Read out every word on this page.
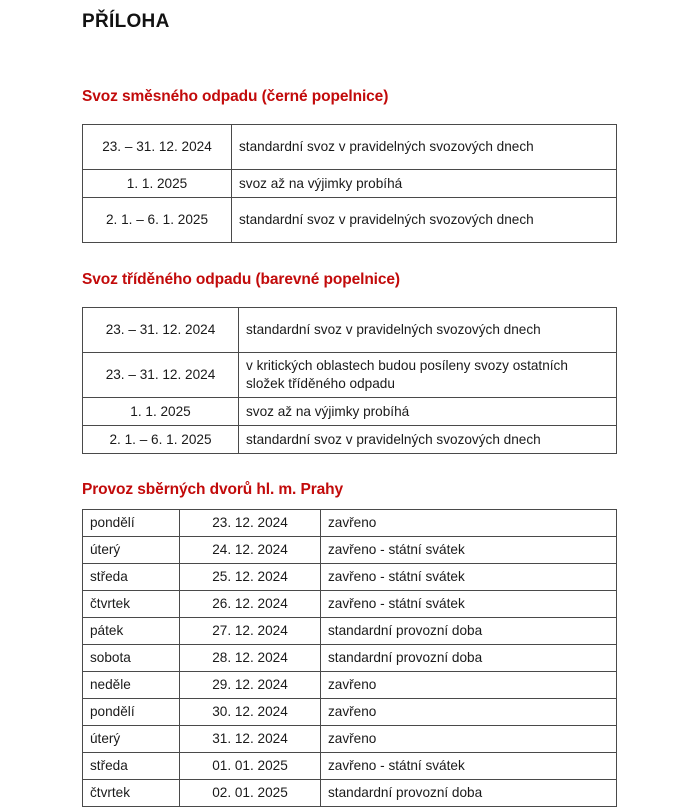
PŘÍLOHA
Svoz směsného odpadu (černé popelnice)
23. – 31. 12. 2024	standardní svoz v pravidelných svozových dnech
1. 1. 2025	svoz až na výjimky probíhá
2. 1. – 6. 1. 2025	standardní svoz v pravidelných svozových dnech
Svoz tříděného odpadu (barevné popelnice)
23. – 31. 12. 2024	standardní svoz v pravidelných svozových dnech
23. – 31. 12. 2024	v kritických oblastech budou posíleny svozy ostatních složek tříděného odpadu
1. 1. 2025	svoz až na výjimky probíhá
2. 1. – 6. 1. 2025	standardní svoz v pravidelných svozových dnech
Provoz sběrných dvorů hl. m. Prahy
pondělí	23. 12. 2024	zavřeno
úterý	24. 12. 2024	zavřeno - státní svátek
středa	25. 12. 2024	zavřeno - státní svátek
čtvrtek	26. 12. 2024	zavřeno - státní svátek
pátek	27. 12. 2024	standardní provozní doba
sobota	28. 12. 2024	standardní provozní doba
neděle	29. 12. 2024	zavřeno
pondělí	30. 12. 2024	zavřeno
úterý	31. 12. 2024	zavřeno
středa	01. 01. 2025	zavřeno - státní svátek
čtvrtek	02. 01. 2025	standardní provozní doba
